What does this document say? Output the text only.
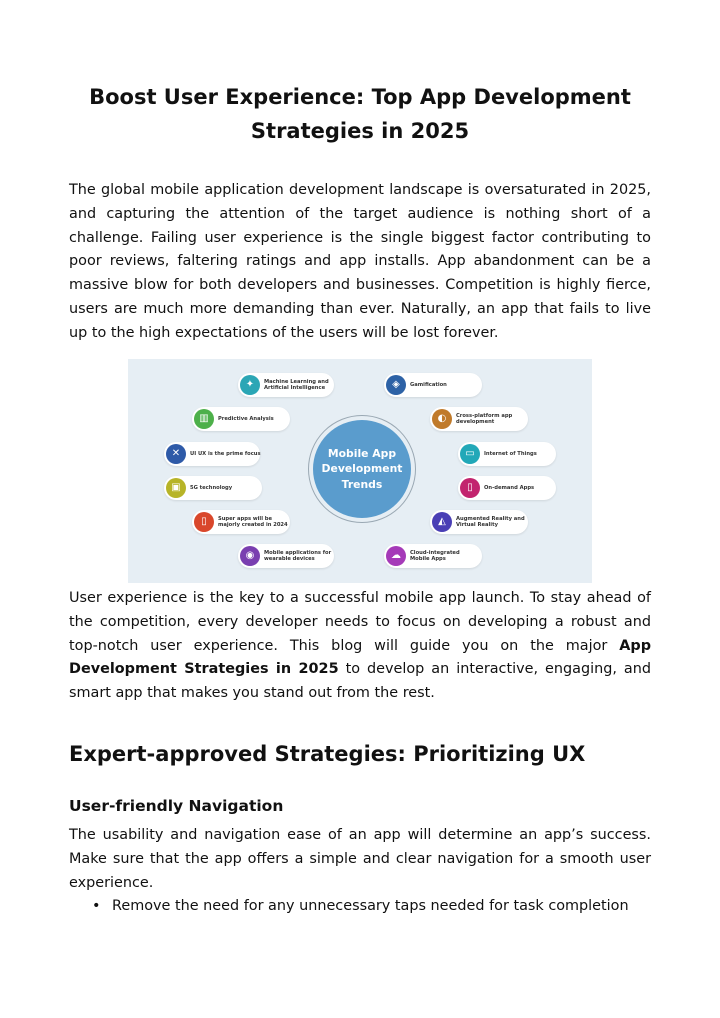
Boost User Experience: Top App Development Strategies in 2025

The global mobile application development landscape is oversaturated in 2025, and capturing the attention of the target audience is nothing short of a challenge. Failing user experience is the single biggest factor contributing to poor reviews, faltering ratings and app installs. App abandonment can be a massive blow for both developers and businesses. Competition is highly fierce, users are much more demanding than ever. Naturally, an app that fails to live up to the high expectations of the users will be lost forever.

Mobile App
Development
Trends
✦	Machine Learning and
Artificial Intelligence
▥	Predictive Analysis
✕	UI UX is the prime focus
▣	5G technology
▯	Super apps will be
majorly created in 2024
◉	Mobile applications for
wearable devices
◈	Gamification
◐	Cross-platform app
development
▭	Internet of Things
▯	On-demand Apps
◭	Augmented Reality and
Virtual Reality
☁	Cloud-integrated
Mobile Apps

User experience is the key to a successful mobile app launch. To stay ahead of the competition, every developer needs to focus on developing a robust and top-notch user experience. This blog will guide you on the major App Development Strategies in 2025 to develop an interactive, engaging, and smart app that makes you stand out from the rest.

Expert-approved Strategies: Prioritizing UX
User-friendly Navigation

The usability and navigation ease of an app will determine an app’s success. Make sure that the app offers a simple and clear navigation for a smooth user experience.

• Remove the need for any unnecessary taps needed for task completion
